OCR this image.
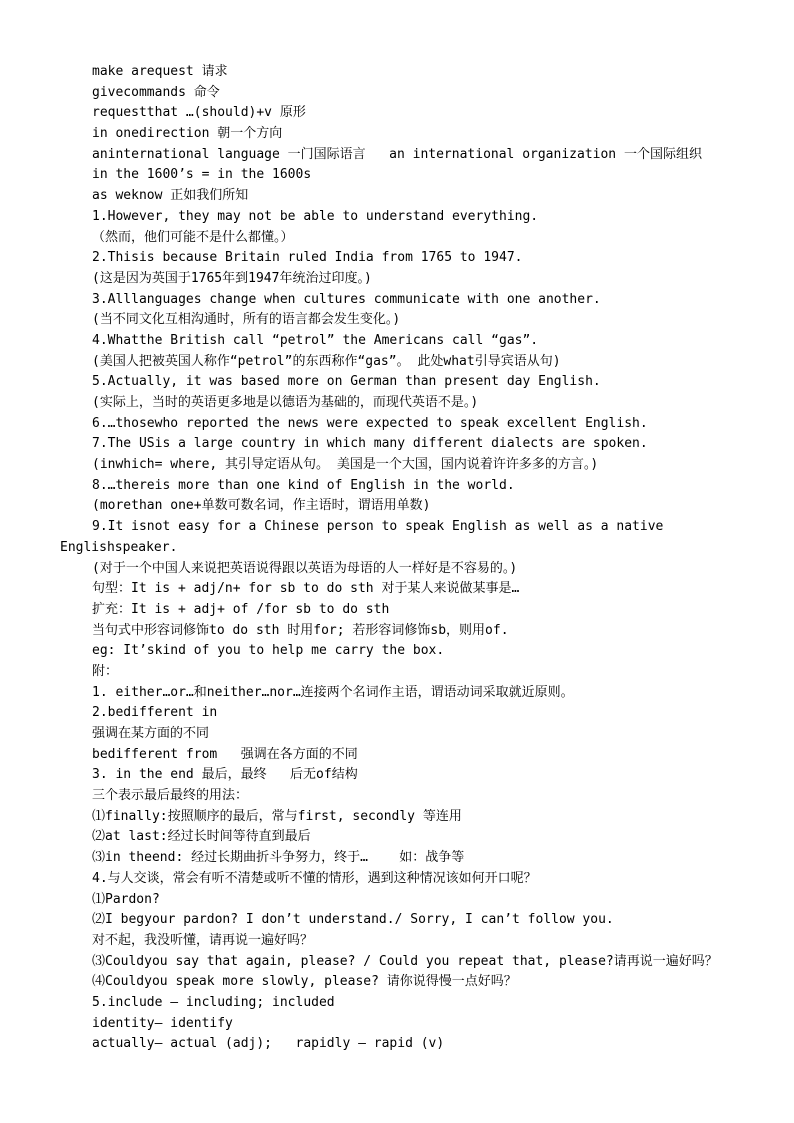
make arequest 请求
givecommands 命令
requestthat …(should)+v 原形
in onedirection 朝一个方向
aninternational language 一门国际语言   an international organization 一个国际组织
in the 1600’s = in the 1600s
as weknow 正如我们所知
1.However, they may not be able to understand everything.
（然而，他们可能不是什么都懂。）
2.Thisis because Britain ruled India from 1765 to 1947.
(这是因为英国于1765年到1947年统治过印度。)
3.Alllanguages change when cultures communicate with one another.
(当不同文化互相沟通时，所有的语言都会发生变化。)
4.Whatthe British call “petrol” the Americans call “gas”.
(美国人把被英国人称作“petrol”的东西称作“gas”。 此处what引导宾语从句)
5.Actually, it was based more on German than present day English.
(实际上，当时的英语更多地是以德语为基础的，而现代英语不是。)
6.…thosewho reported the news were expected to speak excellent English.
7.The USis a large country in which many different dialects are spoken.
(inwhich= where, 其引导定语从句。 美国是一个大国，国内说着许许多多的方言。)
8.…thereis more than one kind of English in the world.
(morethan one+单数可数名词，作主语时，谓语用单数)
9.It isnot easy for a Chinese person to speak English as well as a native
Englishspeaker.
(对于一个中国人来说把英语说得跟以英语为母语的人一样好是不容易的。)
句型：It is + adj/n+ for sb to do sth 对于某人来说做某事是…
扩充：It is + adj+ of /for sb to do sth
当句式中形容词修饰to do sth 时用for; 若形容词修饰sb，则用of.
eg: It’skind of you to help me carry the box.
附：
1. either…or…和neither…nor…连接两个名词作主语，谓语动词采取就近原则。
2.bedifferent in
强调在某方面的不同
bedifferent from   强调在各方面的不同
3. in the end 最后，最终   后无of结构
三个表示最后最终的用法：
⑴finally:按照顺序的最后，常与first, secondly 等连用
⑵at last:经过长时间等待直到最后
⑶in theend: 经过长期曲折斗争努力，终于…    如：战争等
4.与人交谈，常会有听不清楚或听不懂的情形，遇到这种情况该如何开口呢？
⑴Pardon?
⑵I begyour pardon? I don’t understand./ Sorry, I can’t follow you.
对不起，我没听懂，请再说一遍好吗？
⑶Couldyou say that again, please? / Could you repeat that, please?请再说一遍好吗？
⑷Couldyou speak more slowly, please? 请你说得慢一点好吗？
5.include — including; included
identity— identify
actually— actual (adj);   rapidly — rapid (v)
